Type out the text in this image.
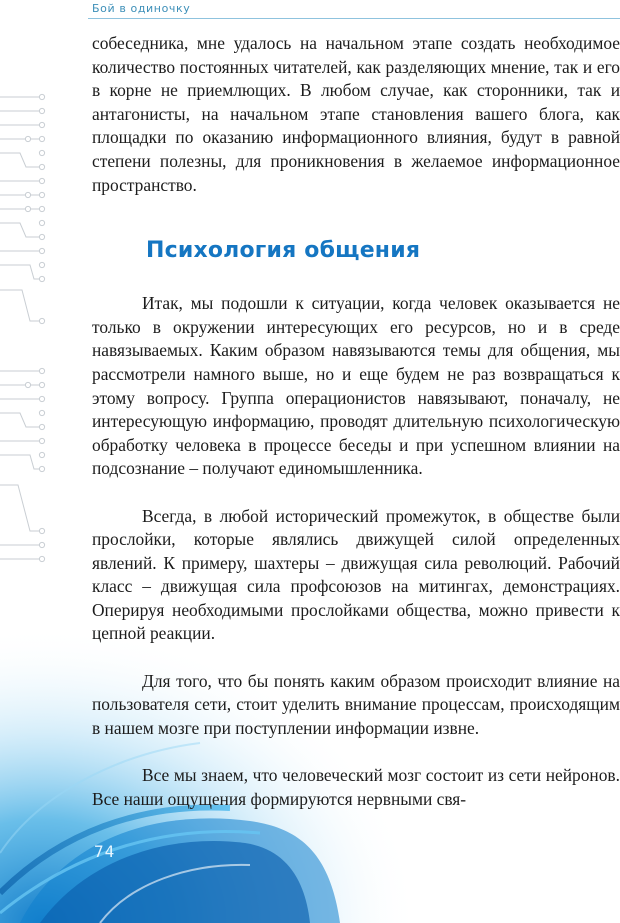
Бой в одиночку

собеседника, мне удалось на начальном этапе создать необходимое количество постоянных читателей, как разделяющих мнение, так и его в корне не приемлющих. В любом случае, как сторонники, так и антагонисты, на начальном этапе становления вашего блога, как площадки по оказанию информационного влияния, будут в равной степени полезны, для проникновения в желаемое информационное пространство.

Психология общения

Итак, мы подошли к ситуации, когда человек оказывается не только в окружении интересующих его ресурсов, но и в среде навязываемых. Каким образом навязываются темы для общения, мы рассмотрели намного выше, но и еще будем не раз возвращаться к этому вопросу. Группа операционистов навязывают, поначалу, не интересующую информацию, проводят длительную психологическую обработку человека в процессе беседы и при успешном влиянии на подсознание – получают единомышленника.

Всегда, в любой исторический промежуток, в обществе были прослойки, которые являлись движущей силой определенных явлений. К примеру, шахтеры – движущая сила революций. Рабочий класс – движущая сила профсоюзов на митингах, демонстрациях. Оперируя необходимыми прослойками общества, можно привести к цепной реакции.

Для того, что бы понять каким образом происходит влияние на пользователя сети, стоит уделить внимание процессам, происходящим в нашем мозге при поступлении информации извне.

Все мы знаем, что человеческий мозг состоит из сети нейронов. Все наши ощущения формируются нервными свя-

74
